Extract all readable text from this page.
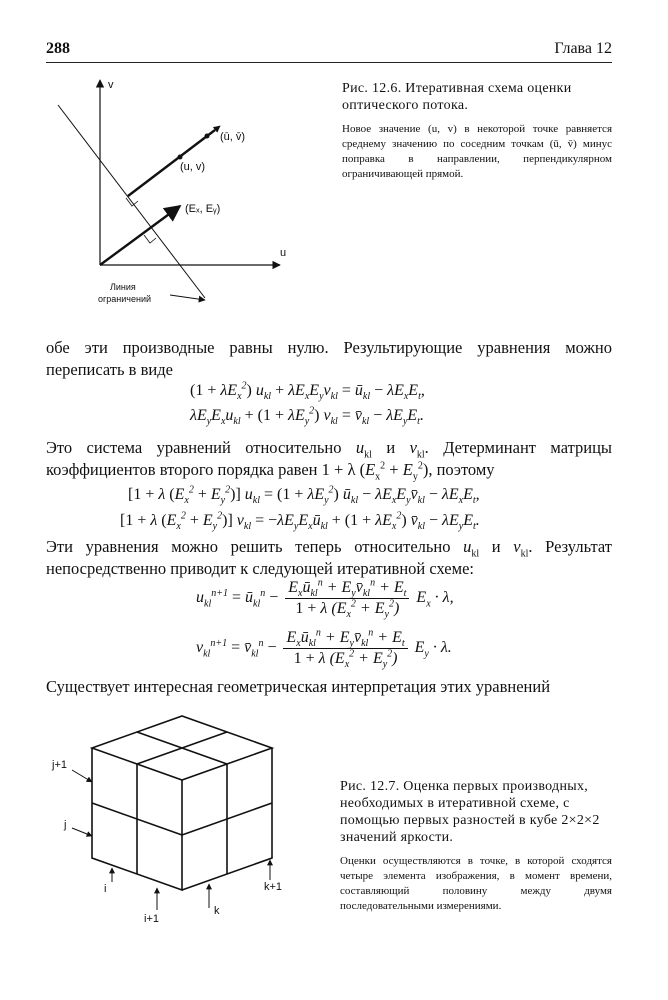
288	Глава 12
v
u
Линия
ограничений
(ū, v̄)
(u, v)
(Eₓ, Eᵧ)
Рис. 12.6. Итеративная схема оценки оптического потока.
Новое значение (u, v) в некоторой точке равняется среднему значению по соседним точкам (ū, v̄) минус поправка в направлении, перпендикулярном ограничивающей прямой.
обе эти производные равны нулю. Результирующие уравнения можно переписать в виде
$(1 + \lambda E_x^2)$ $u_{kl} + \lambda E_xE_yv_{kl}$ = $ū_{kl} - \lambda E_xE_t$,
$\lambda E_yE_xu_{kl} + (1 + \lambda E_y^2) v_{kl}$ = $v̄_{kl} - \lambda E_yE_t$.
Это система уравнений относительно $u_{kl}$ и $v_{kl}$. Детерминант матрицы коэффициентов второго порядка равен 1 + λ $(E_x^2 + E_y^2)$, поэтому
[1 + λ $(E_x^2 + E_y^2)$] $u_{kl} = (1 + \lambda E_y^2)$ $ū_{kl}$ − $\lambda E_xE_yv̄_{kl} - \lambda E_xE_t$,
[1 + λ $(E_x^2 + E_y^2)$] $v_{kl}$ = $-\lambda E_yE_xū_{kl} + (1 + \lambda E_x^2)$ $v̄_{kl} - \lambda E_yE_t$.
Эти уравнения можно решить теперь относительно $u_{kl}$ и $v_{kl}$. Результат непосредственно приводит к следующей итеративной схеме:
$u_{kl}^{n+1}$ = $ū_{kl}^n - \frac{E_xū_{kl}^n + E_yv̄_{kl}^n + E_t}{1 + \lambda (E_x^2 + E_y^2)} E_x \cdot \lambda$,
$v_{kl}^{n+1}$ = $v̄_{kl}^n - \frac{E_xū_{kl}^n + E_yv̄_{kl}^n + E_t}{1 + \lambda (E_x^2 + E_y^2)} E_y \cdot \lambda$.
Существует интересная геометрическая интерпретация этих уравнений
j+1
j
i
i+1
k
k+1
Рис. 12.7. Оценка первых производных, необходимых в итеративной схеме, с помощью первых разностей в кубе 2×2×2 значений яркости.
Оценки осуществляются в точке, в которой сходятся четыре элемента изображения, в момент времени, составляющий половину между двумя последовательными измерениями.
